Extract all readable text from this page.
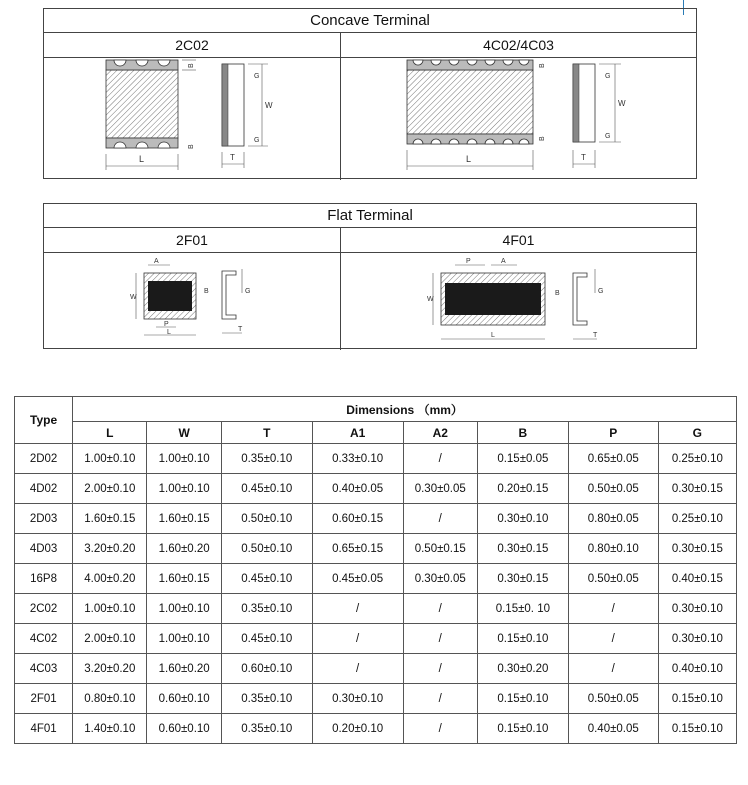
Concave Terminal
2C02	4C02/4C03
L
B
B
G
W
G
T	L
B
B
G
W
G
T
Flat Terminal
2F01	4F01
A
W
P
L
B	G
T
P	A
W
L
B	G
T
Type	Dimensions （mm）							
	L	W	T	A1	A2	B	P	G
2D02	1.00±0.10	1.00±0.10	0.35±0.10	0.33±0.10	/	0.15±0.05	0.65±0.05	0.25±0.10
4D02	2.00±0.10	1.00±0.10	0.45±0.10	0.40±0.05	0.30±0.05	0.20±0.15	0.50±0.05	0.30±0.15
2D03	1.60±0.15	1.60±0.15	0.50±0.10	0.60±0.15	/	0.30±0.10	0.80±0.05	0.25±0.10
4D03	3.20±0.20	1.60±0.20	0.50±0.10	0.65±0.15	0.50±0.15	0.30±0.15	0.80±0.10	0.30±0.15
16P8	4.00±0.20	1.60±0.15	0.45±0.10	0.45±0.05	0.30±0.05	0.30±0.15	0.50±0.05	0.40±0.15
2C02	1.00±0.10	1.00±0.10	0.35±0.10	/	/	0.15±0. 10	/	0.30±0.10
4C02	2.00±0.10	1.00±0.10	0.45±0.10	/	/	0.15±0.10	/	0.30±0.10
4C03	3.20±0.20	1.60±0.20	0.60±0.10	/	/	0.30±0.20	/	0.40±0.10
2F01	0.80±0.10	0.60±0.10	0.35±0.10	0.30±0.10	/	0.15±0.10	0.50±0.05	0.15±0.10
4F01	1.40±0.10	0.60±0.10	0.35±0.10	0.20±0.10	/	0.15±0.10	0.40±0.05	0.15±0.10
